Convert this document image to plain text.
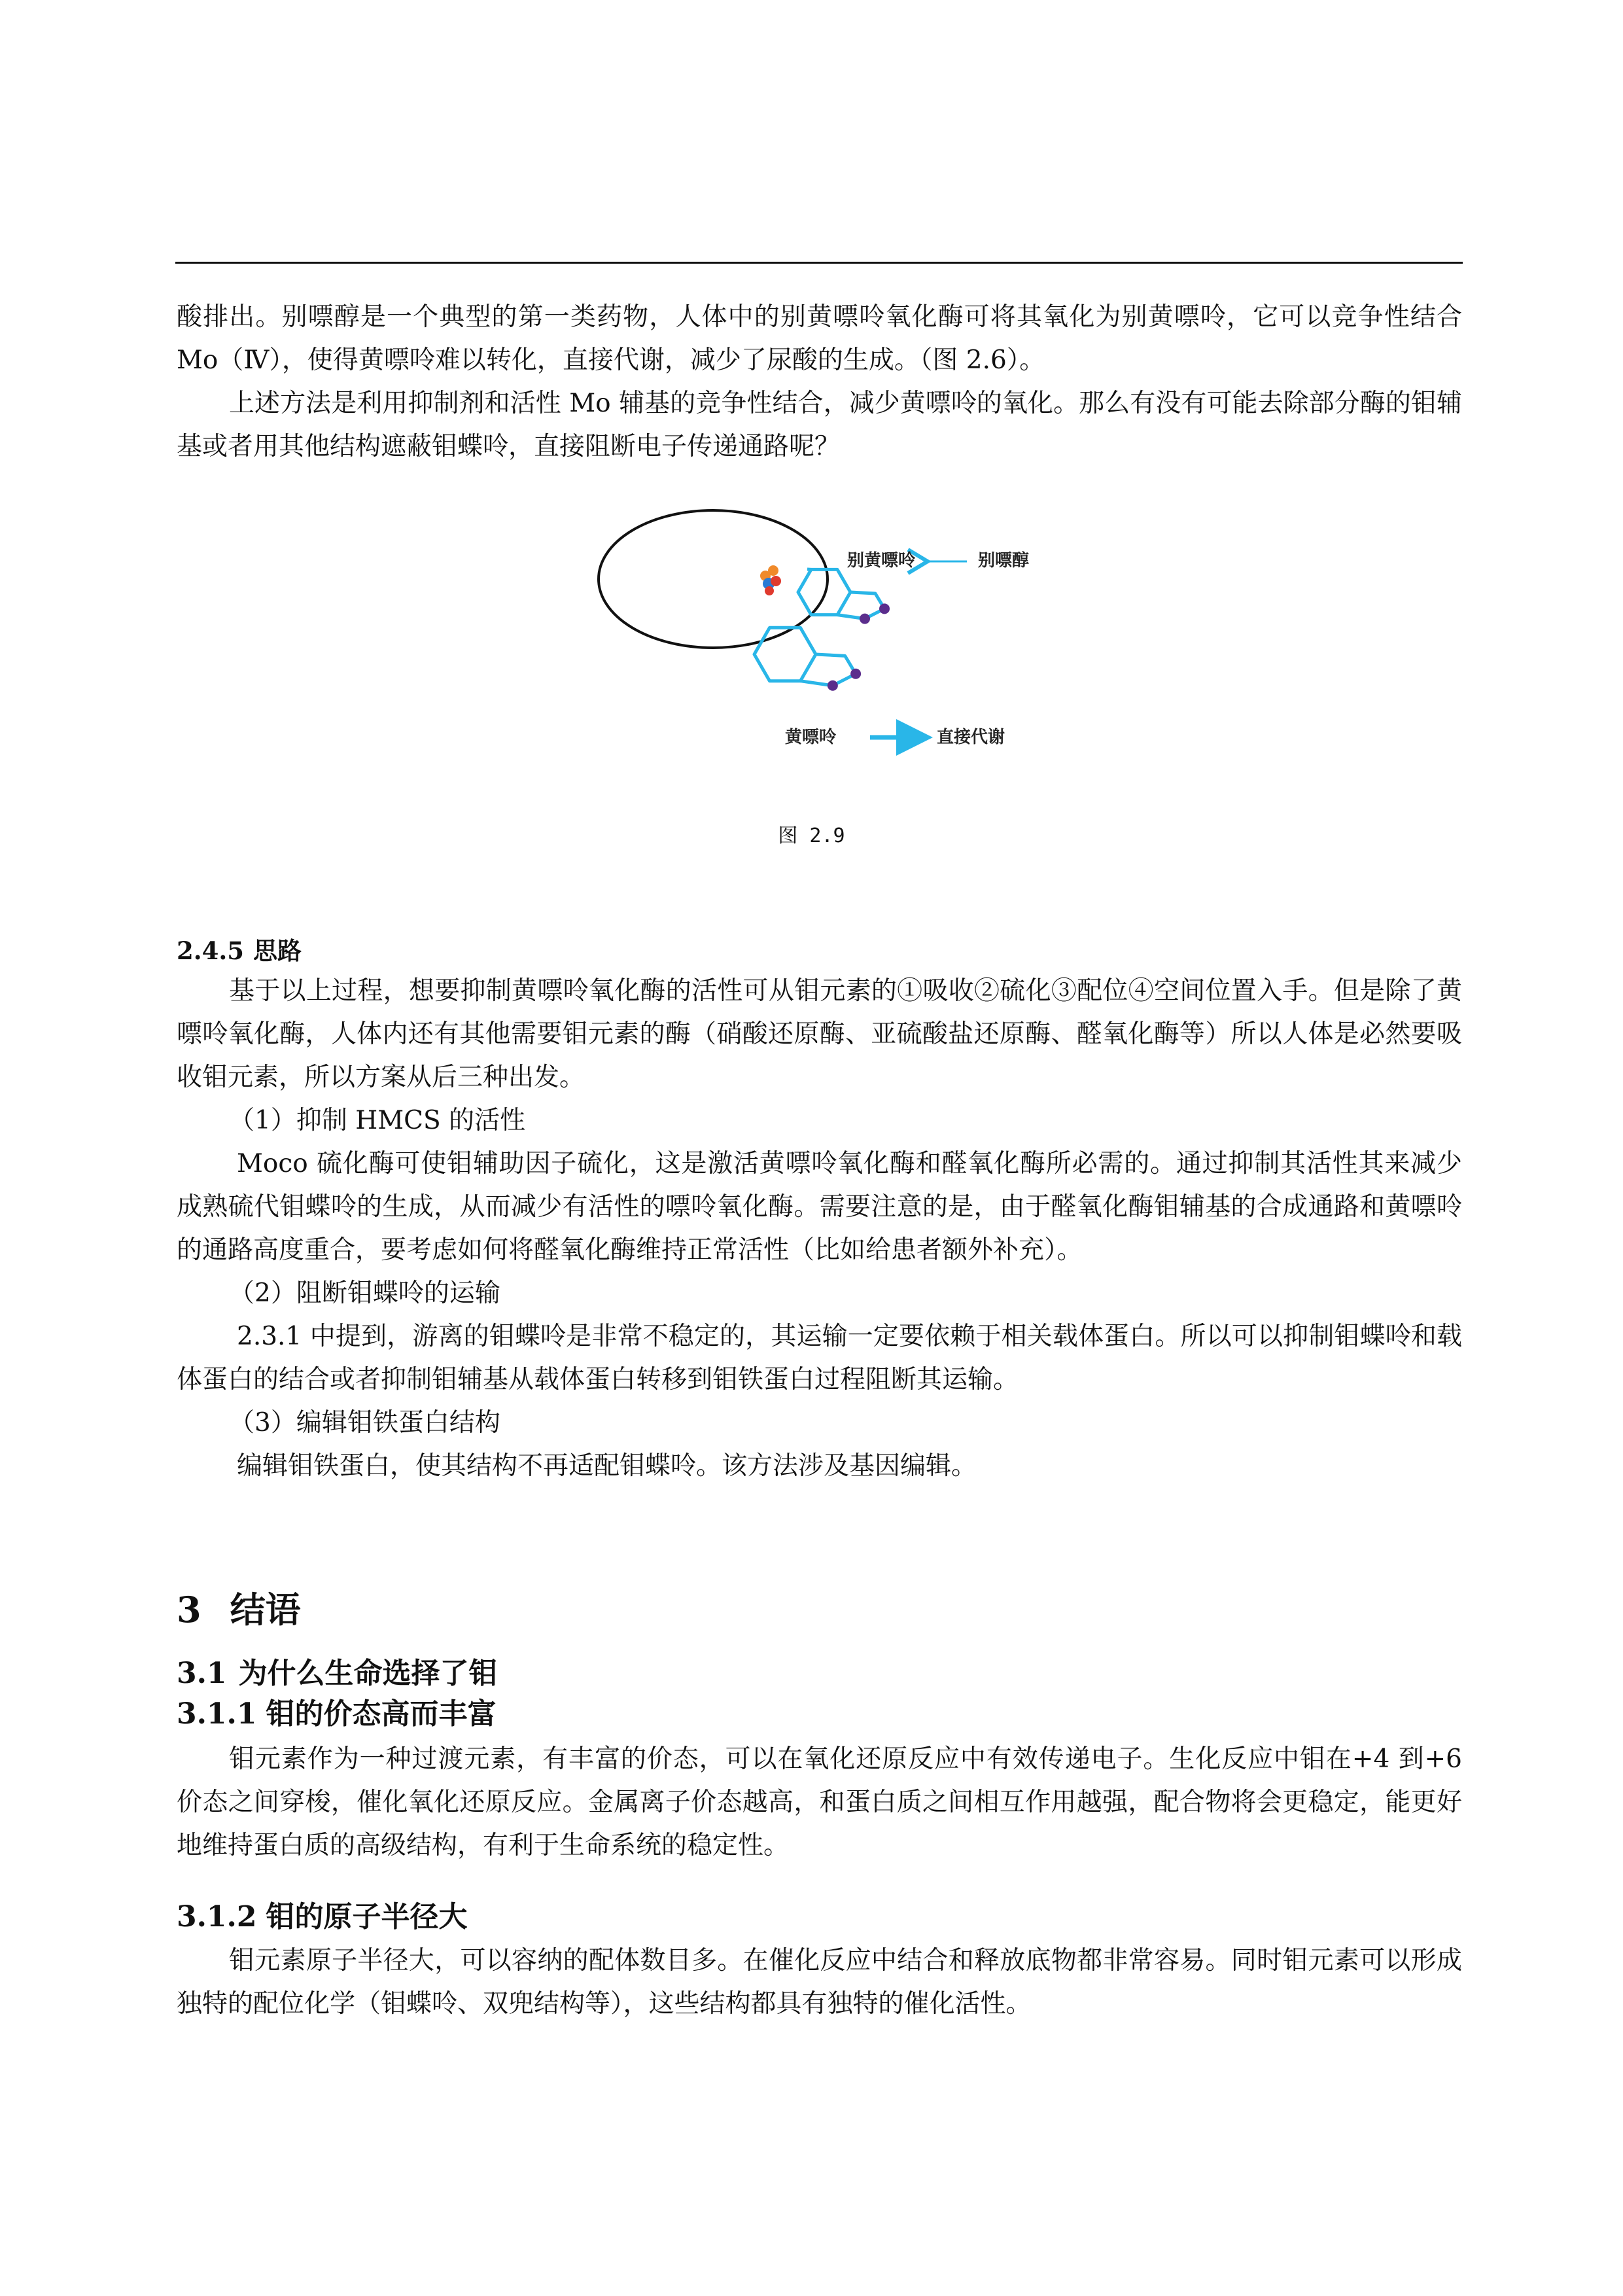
酸排出。别嘌醇是一个典型的第一类药物，人体中的别黄嘌呤氧化酶可将其氧化为别黄嘌呤，它可以竞争性结合 Mo（Ⅳ），使得黄嘌呤难以转化，直接代谢，减少了尿酸的生成。（图 2.6）。

上述方法是利用抑制剂和活性 Mo 辅基的竞争性结合，减少黄嘌呤的氧化。那么有没有可能去除部分酶的钼辅基或者用其他结构遮蔽钼蝶呤，直接阻断电子传递通路呢？

别黄嘌呤	别嘌醇
黄嘌呤	直接代谢
图 2.9

2.4.5 思路

基于以上过程，想要抑制黄嘌呤氧化酶的活性可从钼元素的①吸收②硫化③配位④空间位置入手。但是除了黄嘌呤氧化酶，人体内还有其他需要钼元素的酶（硝酸还原酶、亚硫酸盐还原酶、醛氧化酶等）所以人体是必然要吸收钼元素，所以方案从后三种出发。

（1）抑制 HMCS 的活性

Moco 硫化酶可使钼辅助因子硫化，这是激活黄嘌呤氧化酶和醛氧化酶所必需的。通过抑制其活性其来减少成熟硫代钼蝶呤的生成，从而减少有活性的嘌呤氧化酶。需要注意的是，由于醛氧化酶钼辅基的合成通路和黄嘌呤的通路高度重合，要考虑如何将醛氧化酶维持正常活性（比如给患者额外补充）。

（2）阻断钼蝶呤的运输

2.3.1 中提到，游离的钼蝶呤是非常不稳定的，其运输一定要依赖于相关载体蛋白。所以可以抑制钼蝶呤和载体蛋白的结合或者抑制钼辅基从载体蛋白转移到钼铁蛋白过程阻断其运输。

（3）编辑钼铁蛋白结构

编辑钼铁蛋白，使其结构不再适配钼蝶呤。该方法涉及基因编辑。

3 结语

3.1 为什么生命选择了钼

3.1.1 钼的价态高而丰富

钼元素作为一种过渡元素，有丰富的价态，可以在氧化还原反应中有效传递电子。生化反应中钼在+4 到+6 价态之间穿梭，催化氧化还原反应。金属离子价态越高，和蛋白质之间相互作用越强，配合物将会更稳定，能更好地维持蛋白质的高级结构，有利于生命系统的稳定性。

3.1.2 钼的原子半径大

钼元素原子半径大，可以容纳的配体数目多。在催化反应中结合和释放底物都非常容易。同时钼元素可以形成独特的配位化学（钼蝶呤、双兜结构等），这些结构都具有独特的催化活性。
